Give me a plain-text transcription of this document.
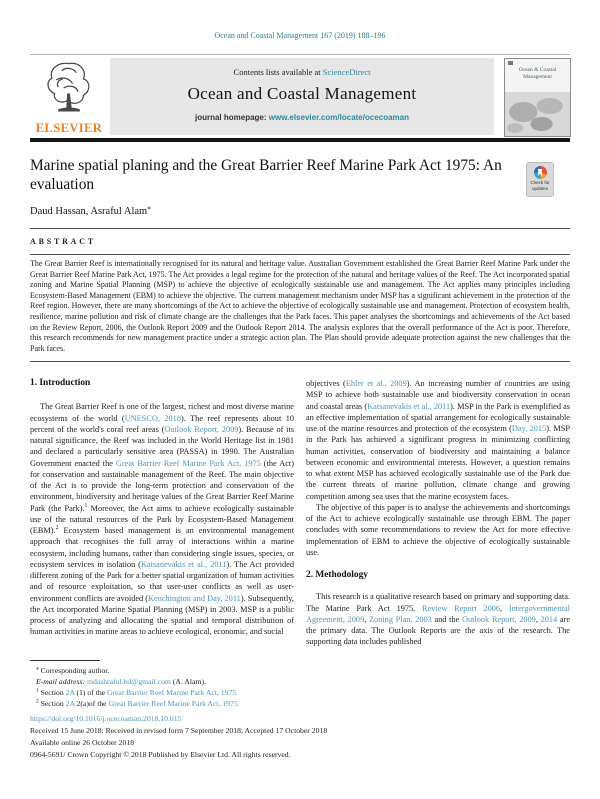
Ocean and Coastal Management 167 (2019) 188–196
ELSEVIER
Contents lists available at ScienceDirect
Ocean and Coastal Management
journal homepage: www.elsevier.com/locate/ocecoaman
Ocean & Coastal Management
Marine spatial planing and the Great Barrier Reef Marine Park Act 1975: An evaluation	Check for updates
Daud Hassan, Asraful Alam⁎
ABSTRACT
The Great Barrier Reef is internationally recognised for its natural and heritage value. Australian Government established the Great Barrier Reef Marine Park under the Great Barrier Reef Marine Park Act, 1975. The Act provides a legal regime for the protection of the natural and heritage values of the Reef. The Act incorporated spatial zoning and Marine Spatial Planning (MSP) to achieve the objective of ecologically sustainable use and management. The Act applies many principles including Ecosystem-Based Management (EBM) to achieve the objective. The current management mechanism under MSP has a significant achievement in the protection of the Reef region. However, there are many shortcomings of the Act to achieve the objective of ecologically sustainable use and management. Protection of ecosystem health, resilience, marine pollution and risk of climate change are the challenges that the Park faces. This paper analyses the shortcomings and achievements of the Act based on the Review Report, 2006, the Outlook Report 2009 and the Outlook Report 2014. The analysis explores that the overall performance of the Act is poor. Therefore, this research recommends for new management practice under a strategic action plan. The Plan should provide adequate protection against the new challenges that the Park faces.
1. Introduction

The Great Barrier Reef is one of the largest, richest and most diverse marine ecosystems of the world (UNESCO, 2018). The reef represents about 10 percent of the world's coral reef areas (Outlook Report, 2009). Because of its natural significance, the Reef was included in the World Heritage list in 1981 and declared a particularly sensitive area (PASSA) in 1990. The Australian Government enacted the Great Barrier Reef Marine Park Act, 1975 (the Act) for conservation and sustainable management of the Reef. The main objective of the Act is to provide the long-term protection and conservation of the environment, biodiversity and heritage values of the Great Barrier Reef Marine Park (the Park).$^1$ Moreover, the Act aims to achieve ecologically sustainable use of the natural resources of the Park by Ecosystem-Based Management (EBM).$^2$ Ecosystem based management is an environmental management approach that recognises the full array of interactions within a marine ecosystem, including humans, rather than considering single issues, species, or ecosystem services in isolation (Katsanevakis et al., 2011). The Act provided different zoning of the Park for a better spatial organization of human activities and of resource exploitation, so that user-user conflicts as well as user-environment conflicts are avoided (Kenchington and Day, 2011). Subsequently, the Act incorporated Marine Spatial Planning (MSP) in 2003. MSP is a public process of analyzing and allocating the spatial and temporal distribution of human activities in marine areas to achieve ecological, economic, and social

objectives (Ehler et al., 2009). An increasing number of countries are using MSP to achieve both sustainable use and biodiversity conservation in ocean and coastal areas (Katsanevakis et al., 2011). MSP in the Park is exemplified as an effective implementation of spatial arrangement for ecologically sustainable use of the marine resources and protection of the ecosystem (Day, 2015). MSP in the Park has achieved a significant progress in minimizing conflicting human activities, conservation of biodiversity and maintaining a balance between economic and environmental interests. However, a question remains to what extent MSP has achieved ecologically sustainable use of the Park due the current threats of marine pollution, climate change and growing competition among sea uses that the marine ecosystem faces.

The objective of this paper is to analyse the achievements and shortcomings of the Act to achieve ecologically sustainable use through EBM. The paper concludes with some recommendations to review the Act for more effective implementation of EBM to achieve the objective of ecologically sustainable use.

2. Methodology

This research is a qualitative research based on primary and supporting data. The Marine Park Act 1975, Review Report 2006, Intergovernmental Agreement, 2009, Zoning Plan, 2003 and the Outlook Report, 2009, 2014 are the primary data. The Outlook Reports are the axis of the research. The supporting data includes published

⁎ Corresponding author.
E-mail address: mdashraful.bd@gmail.com (A. Alam).
$^1$ Section 2A (1) of the Great Barrier Reef Marine Park Act, 1975
$^2$ Section 2A 2(a)of the Great Barrier Reef Marine Park Act, 1975
https://doi.org/10.1016/j.ocecoaman.2018.10.015
Received 15 June 2018; Received in revised form 7 September 2018; Accepted 17 October 2018
Available online 26 October 2018
0964-5691/ Crown Copyright © 2018 Published by Elsevier Ltd. All rights reserved.
